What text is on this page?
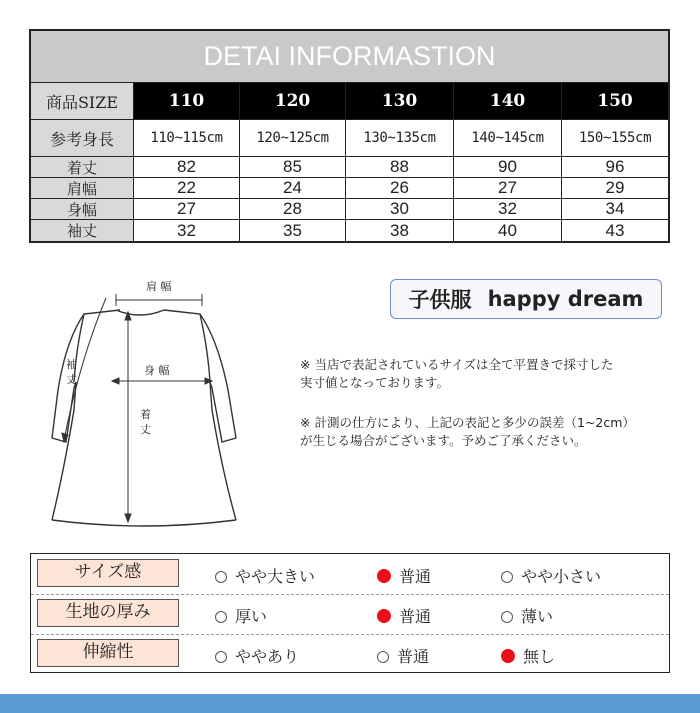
DETAI INFORMASTION
商品SIZE	110	120	130	140	150
参考身長	110~115cm	120~125cm	130~135cm	140~145cm	150~155cm
着丈	82	85	88	90	96
肩幅	22	24	26	27	29
身幅	27	28	30	32	34
袖丈	32	35	38	40	43
肩 幅
身 幅
袖
丈
着
丈
子供服 happy dream
※ 当店で表記されているサイズは全て平置きで採寸した
実寸値となっております。
※ 計測の仕方により、上記の表記と多少の誤差（1~2cm）
が生じる場合がございます。予めご了承ください。
サイズ感	やや大きい	普通	やや小さい
生地の厚み	厚い	普通	薄い
伸縮性	ややあり	普通	無し
